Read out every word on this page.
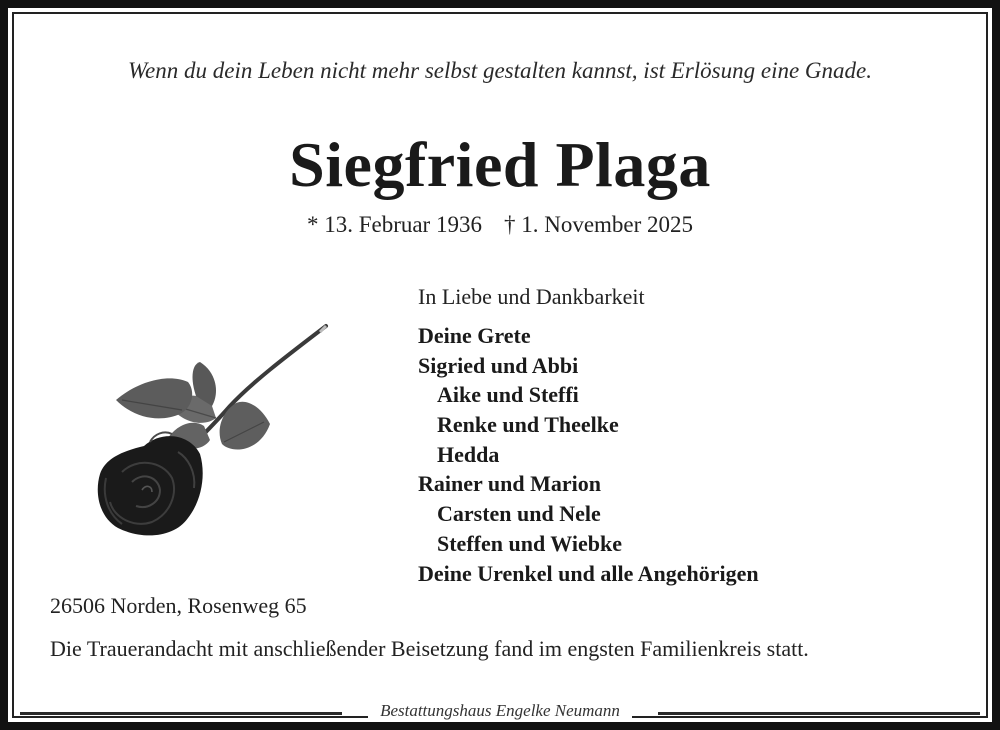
Wenn du dein Leben nicht mehr selbst gestalten kannst, ist Erlösung eine Gnade.
Siegfried Plaga
* 13. Februar 1936 † 1. November 2025
In Liebe und Dankbarkeit
Deine Grete
Sigried und Abbi
Aike und Steffi
Renke und Theelke
Hedda
Rainer und Marion
Carsten und Nele
Steffen und Wiebke
Deine Urenkel und alle Angehörigen
26506 Norden, Rosenweg 65
Die Trauerandacht mit anschließender Beisetzung fand im engsten Familienkreis statt.
Bestattungshaus Engelke Neumann
